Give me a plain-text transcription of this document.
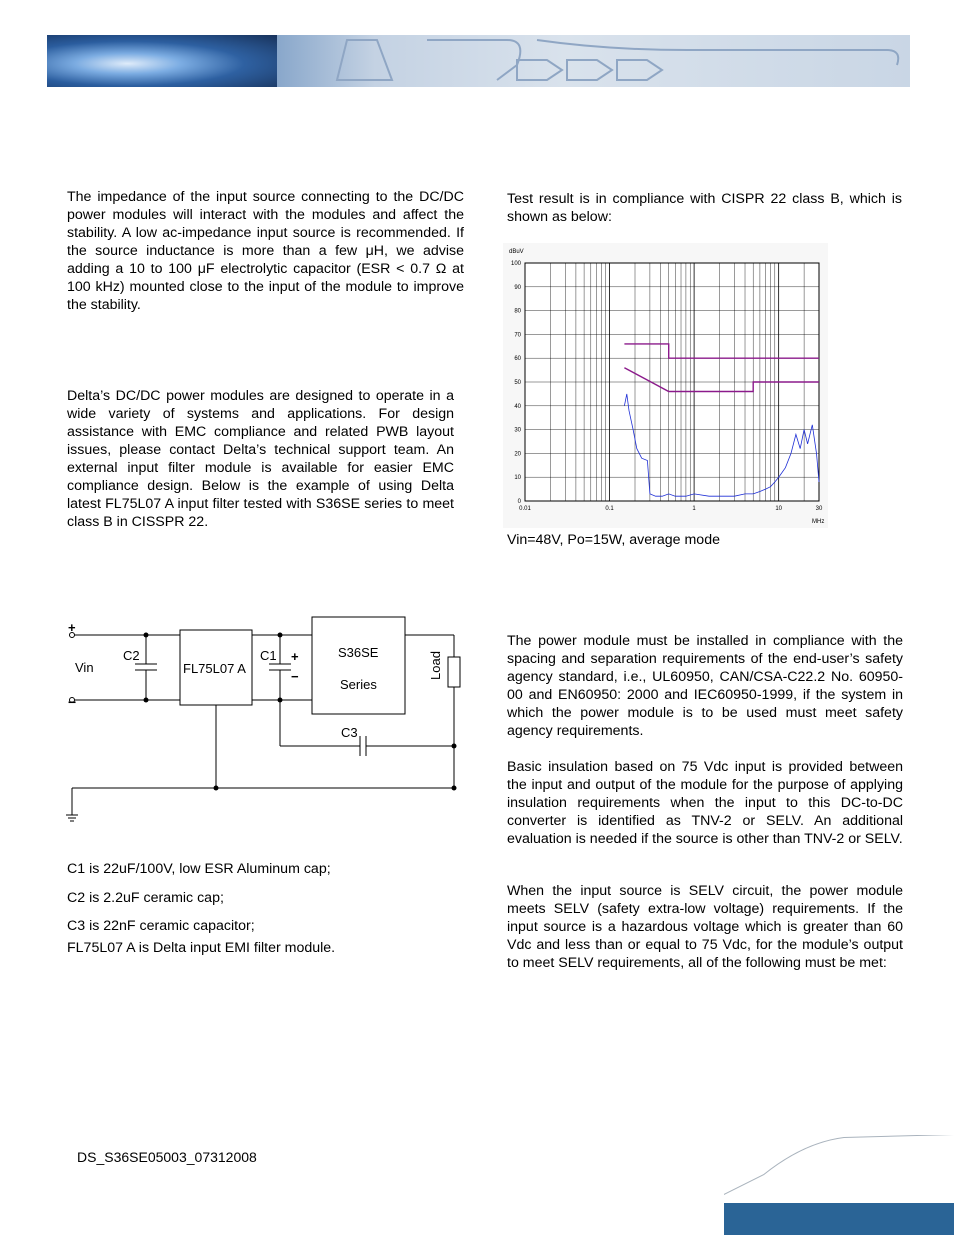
The impedance of the input source connecting to the DC/DC power modules will interact with the modules and affect the stability. A low ac-impedance input source is recommended. If the source inductance is more than a few μH, we advise adding a 10 to 100 μF electrolytic capacitor (ESR < 0.7 Ω at 100 kHz) mounted close to the input of the module to improve the stability.
Delta’s DC/DC power modules are designed to operate in a wide variety of systems and applications. For design assistance with EMC compliance and related PWB layout issues, please contact Delta’s technical support team. An external input filter module is available for easier EMC compliance design. Below is the example of using Delta latest FL75L07 A input filter tested with S36SE series to meet class B in CISSPR 22.
+
−
Vin
C2
FL75L07 A
C1 +
−
S36SE
Series
Load
C3
C1 is 22uF/100V, low ESR Aluminum cap;
C2 is 2.2uF ceramic cap;
C3 is 22nF ceramic capacitor;
FL75L07 A is Delta input EMI filter module.
Test result is in compliance with CISPR 22 class B, which is shown as below:
0
10
20
30
40
50
60
70
80
90
100
0.01	0.1	1	10	30
dBuV
MHz
Vin=48V, Po=15W, average mode
The power module must be installed in compliance with the spacing and separation requirements of the end-user’s safety agency standard, i.e., UL60950, CAN/CSA-C22.2 No. 60950-00 and EN60950: 2000 and IEC60950-1999, if the system in which the power module is to be used must meet safety agency requirements.
Basic insulation based on 75 Vdc input is provided between the input and output of the module for the purpose of applying insulation requirements when the input to this DC-to-DC converter is identified as TNV-2 or SELV. An additional evaluation is needed if the source is other than TNV-2 or SELV.
When the input source is SELV circuit, the power module meets SELV (safety extra-low voltage) requirements. If the input source is a hazardous voltage which is greater than 60 Vdc and less than or equal to 75 Vdc, for the module’s output to meet SELV requirements, all of the following must be met:
DS_S36SE05003_07312008
